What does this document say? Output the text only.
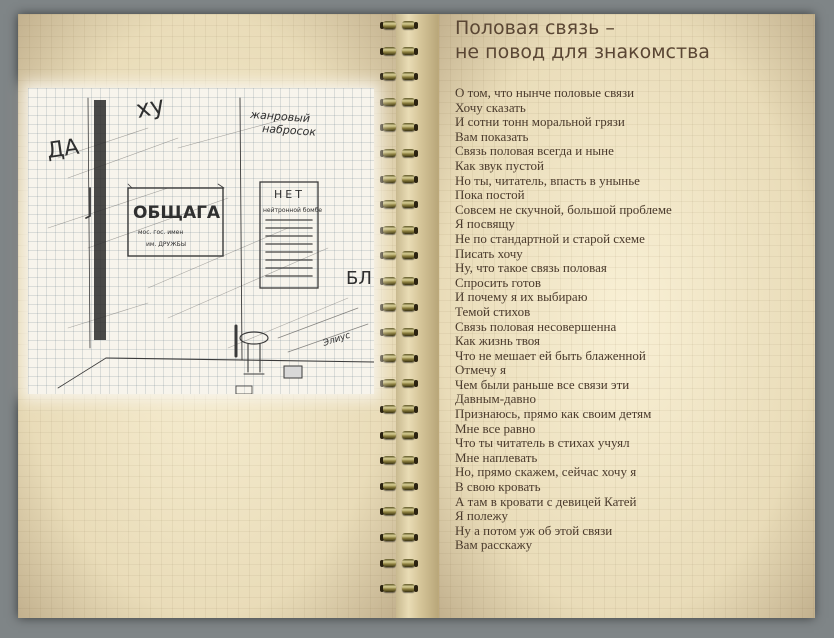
ДА
ху
ОБЩАГА
мос. гос. имен
им. ДРУЖБЫ
жанровый
набросок
НЕТ
нейтронной бомбе
БЛ
Элиус
Половая связь –
не повод для знакомства
О том, что нынче половые связи
Хочу сказать
И сотни тонн моральной грязи
Вам показать
Связь половая всегда и ныне
Как звук пустой
Но ты, читатель, впасть в унынье
Пока постой
Совсем не скучной, большой проблеме
Я посвящу
Не по стандартной и старой схеме
Писать хочу
Ну, что такое связь половая
Спросить готов
И почему я их выбираю
Темой стихов
Связь половая несовершенна
Как жизнь твоя
Что не мешает ей быть блаженной
Отмечу я
Чем были раньше все связи эти
Давным-давно
Признаюсь, прямо как своим детям
Мне все равно
Что ты читатель в стихах учуял
Мне наплевать
Но, прямо скажем, сейчас хочу я
В свою кровать
А там в кровати с девицей Катей
Я полежу
Ну а потом уж об этой связи
Вам расскажу
